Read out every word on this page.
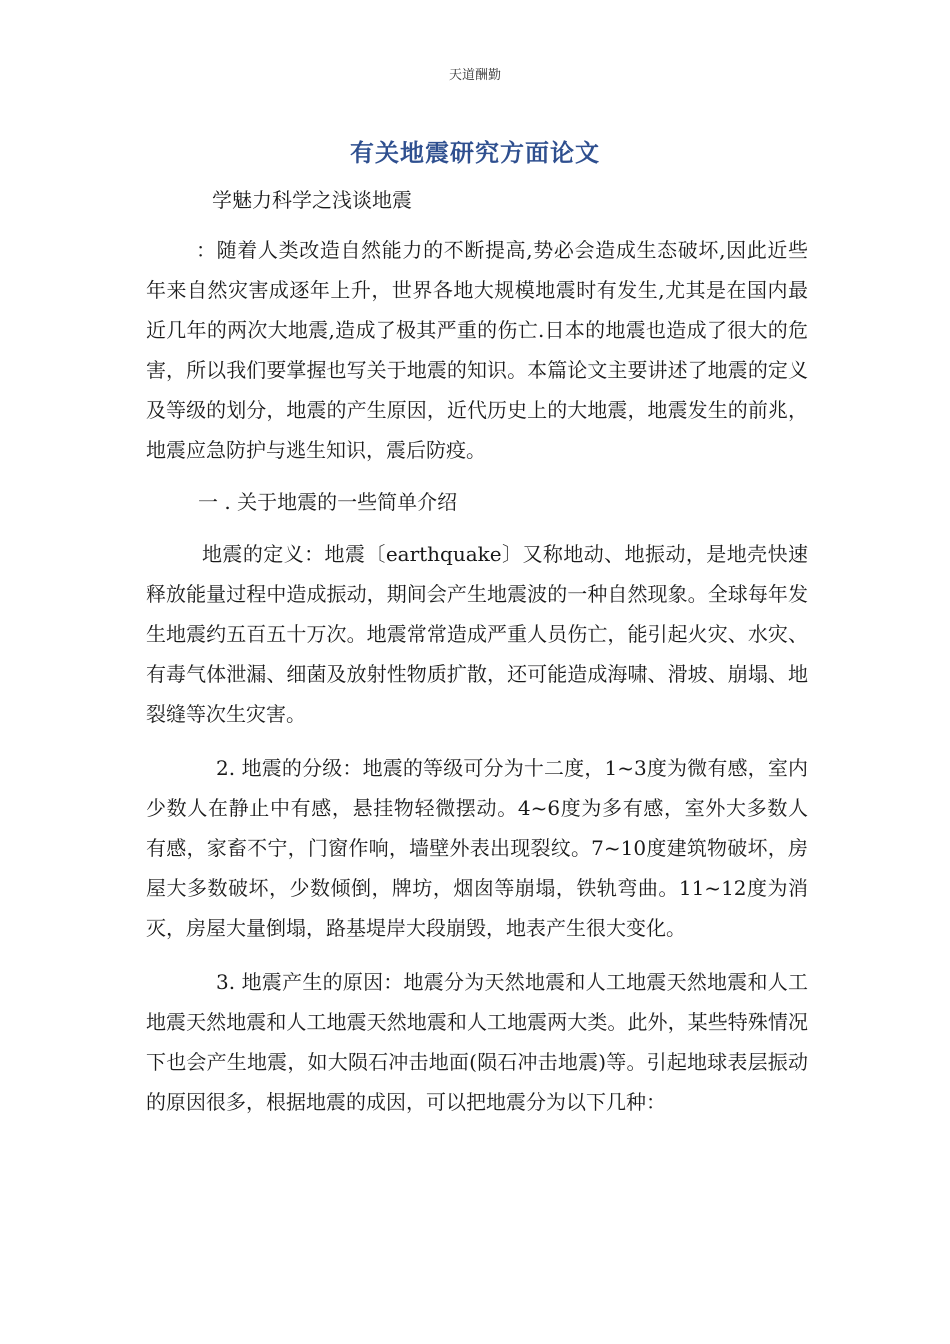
天道酬勤
有关地震研究方面论文

学魅力科学之浅谈地震

：随着人类改造自然能力的不断提高,势必会造成生态破坏,因此近些年来自然灾害成逐年上升，世界各地大规模地震时有发生,尤其是在国内最近几年的两次大地震,造成了极其严重的伤亡.日本的地震也造成了很大的危害，所以我们要掌握也写关于地震的知识。本篇论文主要讲述了地震的定义及等级的划分，地震的产生原因，近代历史上的大地震，地震发生的前兆，地震应急防护与逃生知识，震后防疫。

一 . 关于地震的一些简单介绍

地震的定义：地震〔earthquake〕又称地动、地振动，是地壳快速释放能量过程中造成振动，期间会产生地震波的一种自然现象。全球每年发生地震约五百五十万次。地震常常造成严重人员伤亡，能引起火灾、水灾、有毒气体泄漏、细菌及放射性物质扩散，还可能造成海啸、滑坡、崩塌、地裂缝等次生灾害。

2. 地震的分级：地震的等级可分为十二度，1~3度为微有感，室内少数人在静止中有感，悬挂物轻微摆动。4~6度为多有感，室外大多数人有感，家畜不宁，门窗作响，墙壁外表出现裂纹。7~10度建筑物破坏，房屋大多数破坏，少数倾倒，牌坊，烟囱等崩塌，铁轨弯曲。11~12度为消灭，房屋大量倒塌，路基堤岸大段崩毁，地表产生很大变化。

3. 地震产生的原因：地震分为天然地震和人工地震天然地震和人工地震天然地震和人工地震天然地震和人工地震两大类。此外，某些特殊情况下也会产生地震，如大陨石冲击地面(陨石冲击地震)等。引起地球表层振动的原因很多，根据地震的成因，可以把地震分为以下几种：
